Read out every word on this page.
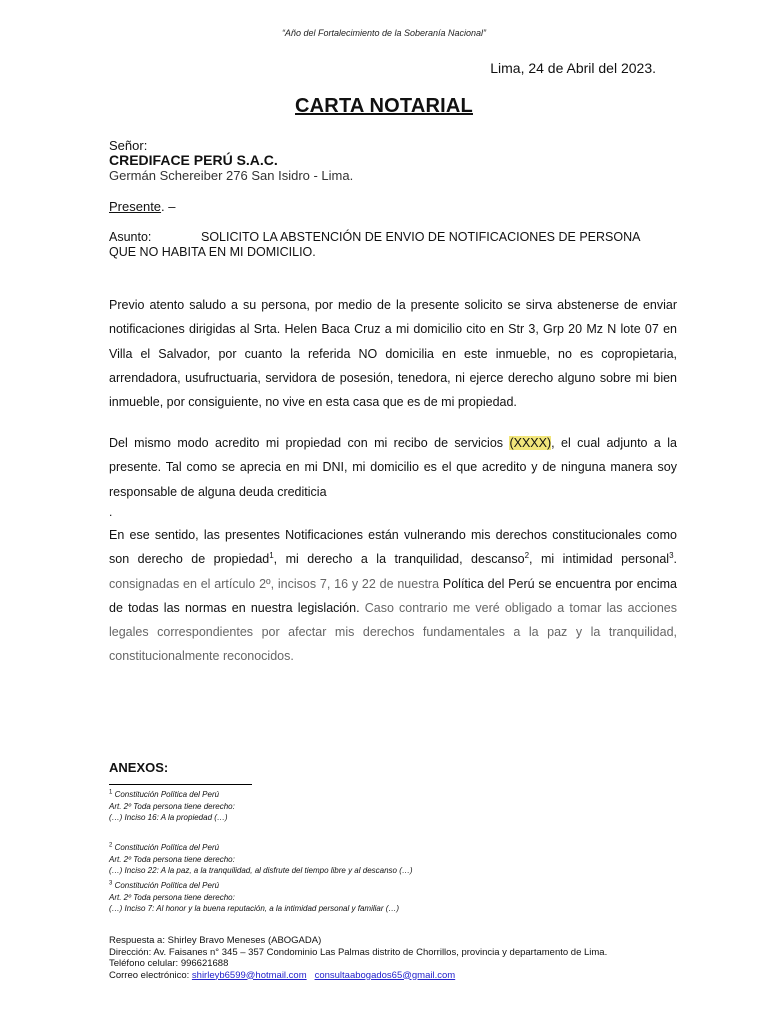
“Año del Fortalecimiento de la Soberanía Nacional”
Lima, 24 de Abril del 2023.
CARTA NOTARIAL
Señor:
CREDIFACE PERÚ S.A.C.
Germán Schereiber 276 San Isidro - Lima.
Presente. –
Asunto:	SOLICITO LA ABSTENCIÓN DE ENVIO DE NOTIFICACIONES DE PERSONA QUE NO HABITA EN MI DOMICILIO.
Previo atento saludo a su persona, por medio de la presente solicito se sirva abstenerse de enviar notificaciones dirigidas al Srta. Helen Baca Cruz a mi domicilio cito en Str 3, Grp 20 Mz N lote 07 en Villa el Salvador, por cuanto la referida NO domicilia en este inmueble, no es copropietaria, arrendadora, usufructuaria, servidora de posesión, tenedora, ni ejerce derecho alguno sobre mi bien inmueble, por consiguiente, no vive en esta casa que es de mi propiedad.
Del mismo modo acredito mi propiedad con mi recibo de servicios (XXXX), el cual adjunto a la presente. Tal como se aprecia en mi DNI, mi domicilio es el que acredito y de ninguna manera soy responsable de alguna deuda crediticia
.
En ese sentido, las presentes Notificaciones están vulnerando mis derechos constitucionales como son derecho de propiedad$^1$, mi derecho a la tranquilidad, descanso$^2$, mi intimidad personal$^3$. consignadas en el artículo 2º, incisos 7, 16 y 22 de nuestra Política del Perú se encuentra por encima de todas las normas en nuestra legislación. Caso contrario me veré obligado a tomar las acciones legales correspondientes por afectar mis derechos fundamentales a la paz y la tranquilidad, constitucionalmente reconocidos.
ANEXOS:
$^1$ Constitución Política del Perú
Art. 2º Toda persona tiene derecho:
(…) Inciso 16: A la propiedad (…)
$^2$ Constitución Política del Perú
Art. 2º Toda persona tiene derecho:
(…) Inciso 22: A la paz, a la tranquilidad, al disfrute del tiempo libre y al descanso (…)
$^3$ Constitución Política del Perú
Art. 2º Toda persona tiene derecho:
(…) Inciso 7: Al honor y la buena reputación, a la intimidad personal y familiar (…)
Respuesta a: Shirley Bravo Meneses (ABOGADA)
Dirección: Av. Faisanes n° 345 – 357 Condominio Las Palmas distrito de Chorrillos, provincia y departamento de Lima.
Teléfono celular: 996621688
Correo electrónico: shirleyb6599@hotmail.com consultaabogados65@gmail.com
